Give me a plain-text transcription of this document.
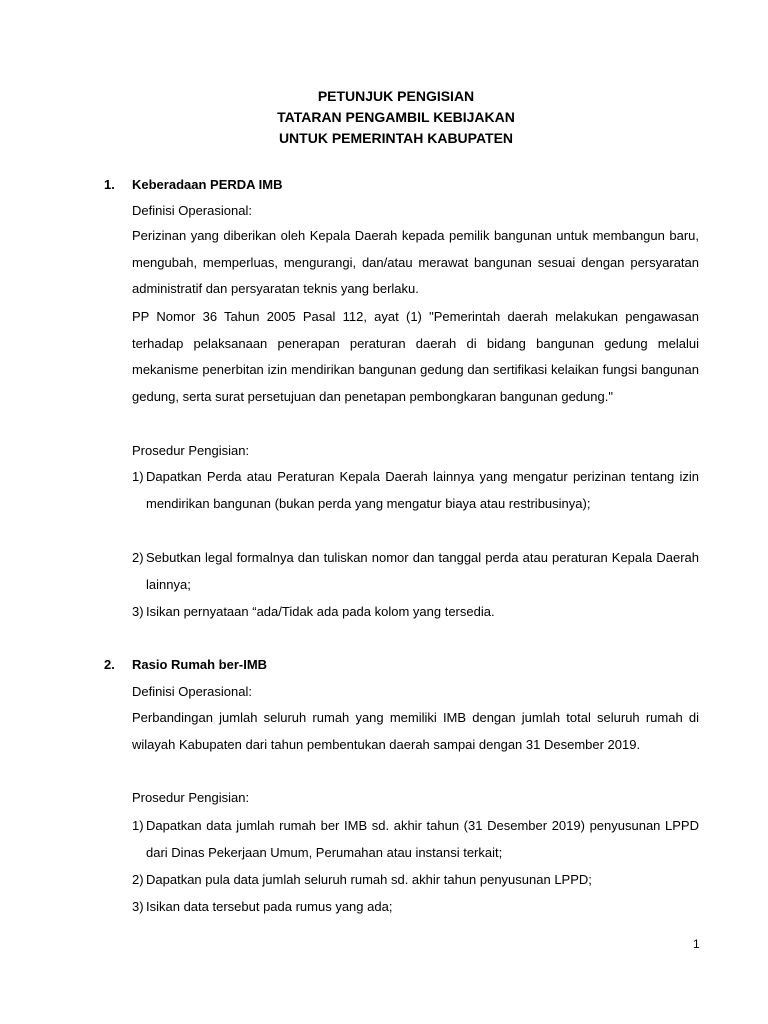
PETUNJUK PENGISIAN
TATARAN PENGAMBIL KEBIJAKAN
UNTUK PEMERINTAH KABUPATEN
1. Keberadaan PERDA IMB
Definisi Operasional:
Perizinan yang diberikan oleh Kepala Daerah kepada pemilik bangunan untuk membangun baru, mengubah, memperluas, mengurangi, dan/atau merawat bangunan sesuai dengan persyaratan administratif dan persyaratan teknis yang berlaku.
PP Nomor 36 Tahun 2005 Pasal 112, ayat (1) "Pemerintah daerah melakukan pengawasan terhadap pelaksanaan penerapan peraturan daerah di bidang bangunan gedung melalui mekanisme penerbitan izin mendirikan bangunan gedung dan sertifikasi kelaikan fungsi bangunan gedung, serta surat persetujuan dan penetapan pembongkaran bangunan gedung."
Prosedur Pengisian:
1) Dapatkan Perda atau Peraturan Kepala Daerah lainnya yang mengatur perizinan tentang izin mendirikan bangunan (bukan perda yang mengatur biaya atau restribusinya);
2) Sebutkan legal formalnya dan tuliskan nomor dan tanggal perda atau peraturan Kepala Daerah lainnya;
3) Isikan pernyataan “ada/Tidak ada pada kolom yang tersedia.
2. Rasio Rumah ber-IMB
Definisi Operasional:
Perbandingan jumlah seluruh rumah yang memiliki IMB dengan jumlah total seluruh rumah di wilayah Kabupaten dari tahun pembentukan daerah sampai dengan 31 Desember 2019.
Prosedur Pengisian:
1) Dapatkan data jumlah rumah ber IMB sd. akhir tahun (31 Desember 2019) penyusunan LPPD dari Dinas Pekerjaan Umum, Perumahan atau instansi terkait;
2) Dapatkan pula data jumlah seluruh rumah sd. akhir tahun penyusunan LPPD;
3) Isikan data tersebut pada rumus yang ada;
1
